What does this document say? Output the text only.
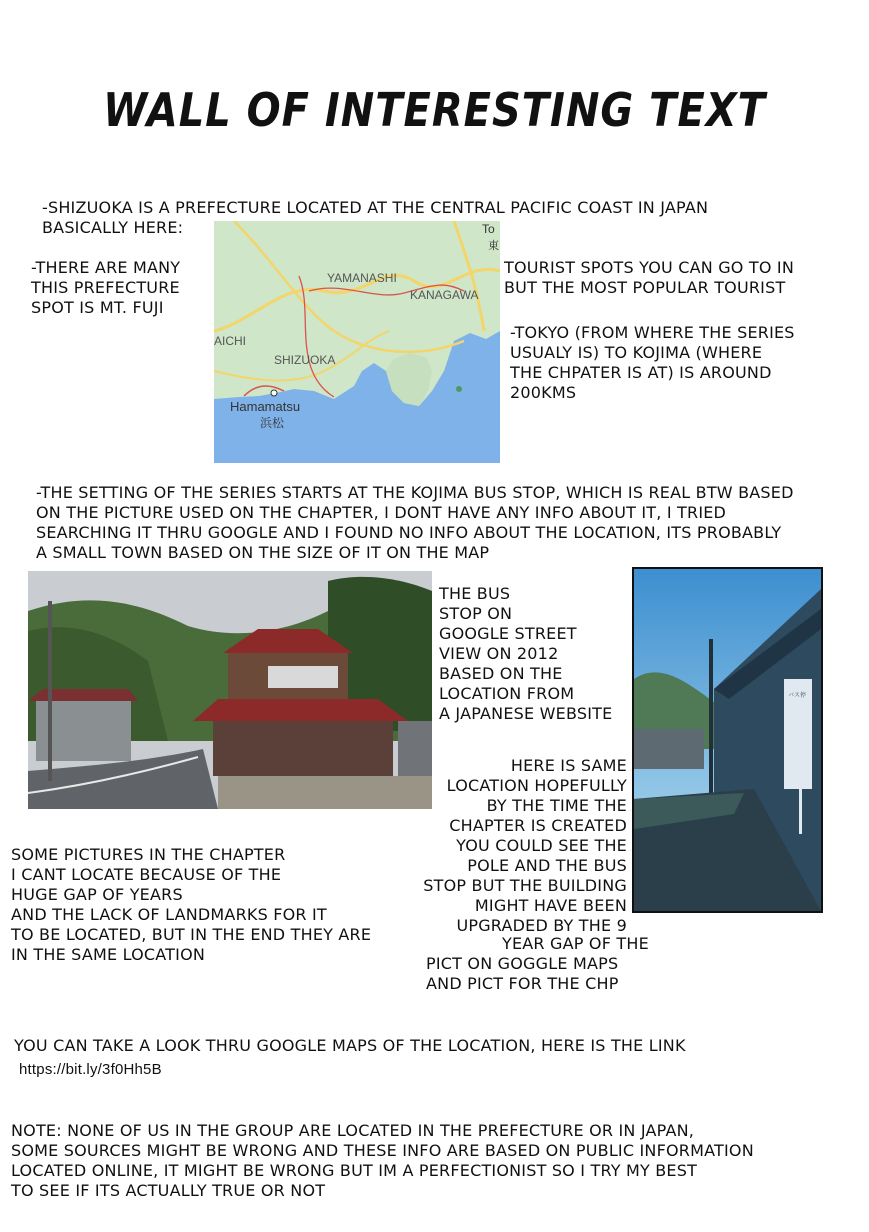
WALL OF INTERESTING TEXT
-SHIZUOKA IS A PREFECTURE LOCATED AT THE CENTRAL PACIFIC COAST IN JAPAN
BASICALLY HERE:
-THERE ARE MANY
THIS PREFECTURE
SPOT IS MT. FUJI
TOURIST SPOTS YOU CAN GO TO IN
BUT THE MOST POPULAR TOURIST
-TOKYO (FROM WHERE THE SERIES
USUALY IS) TO KOJIMA (WHERE
THE CHPATER IS AT) IS AROUND
200KMS
YAMANASHI
KANAGAWA
AICHI
SHIZUOKA
Hamamatsu
浜松
To
東
-THE SETTING OF THE SERIES STARTS AT THE KOJIMA BUS STOP, WHICH IS REAL BTW BASED
ON THE PICTURE USED ON THE CHAPTER, I DONT HAVE ANY INFO ABOUT IT, I TRIED
SEARCHING IT THRU GOOGLE AND I FOUND NO INFO ABOUT THE LOCATION, ITS PROBABLY
A SMALL TOWN BASED ON THE SIZE OF IT ON THE MAP
THE BUS
STOP ON
GOOGLE STREET
VIEW ON 2012
BASED ON THE
LOCATION FROM
A JAPANESE WEBSITE
バス停
HERE IS SAME
LOCATION HOPEFULLY
BY THE TIME THE
CHAPTER IS CREATED
YOU COULD SEE THE
POLE AND THE BUS
STOP BUT THE BUILDING
MIGHT HAVE BEEN
UPGRADED BY THE 9
YEAR GAP OF THE
PICT ON GOGGLE MAPS
AND PICT FOR THE CHP
SOME PICTURES IN THE CHAPTER
I CANT LOCATE BECAUSE OF THE
HUGE GAP OF YEARS
AND THE LACK OF LANDMARKS FOR IT
TO BE LOCATED, BUT IN THE END THEY ARE
IN THE SAME LOCATION
YOU CAN TAKE A LOOK THRU GOOGLE MAPS OF THE LOCATION, HERE IS THE LINK
https://bit.ly/3f0Hh5B
NOTE: NONE OF US IN THE GROUP ARE LOCATED IN THE PREFECTURE OR IN JAPAN,
SOME SOURCES MIGHT BE WRONG AND THESE INFO ARE BASED ON PUBLIC INFORMATION
LOCATED ONLINE, IT MIGHT BE WRONG BUT IM A PERFECTIONIST SO I TRY MY BEST
TO SEE IF ITS ACTUALLY TRUE OR NOT
